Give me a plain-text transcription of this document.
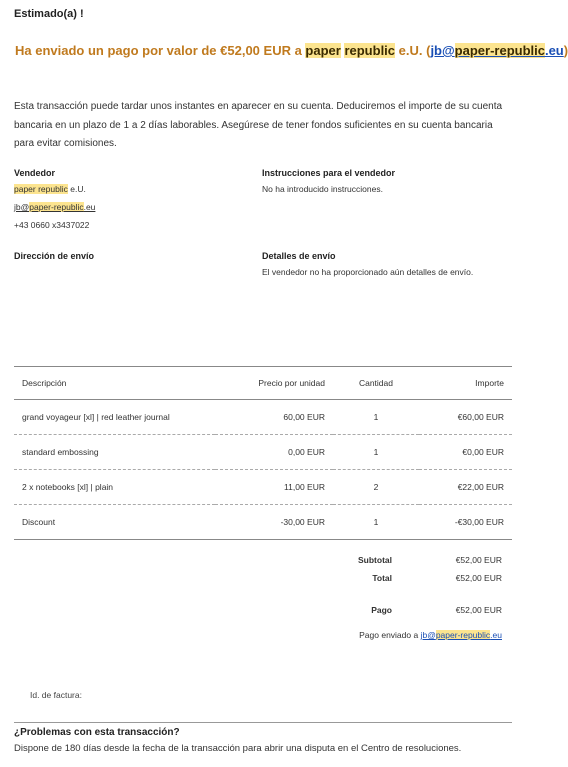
Estimado(a) !
Ha enviado un pago por valor de €52,00 EUR a paper republic e.U. (jb@paper-republic.eu)
Esta transacción puede tardar unos instantes en aparecer en su cuenta. Deduciremos el importe de su cuenta bancaria en un plazo de 1 a 2 días laborables. Asegúrese de tener fondos suficientes en su cuenta bancaria para evitar comisiones.
Vendedor
paper republic e.U.
jb@paper-republic.eu
+43 0660 x3437022
Instrucciones para el vendedor
No ha introducido instrucciones.
Dirección de envío	Detalles de envío
El vendedor no ha proporcionado aún detalles de envío.
Descripción	Precio por unidad	Cantidad	Importe
grand voyageur [xl] | red leather journal	60,00 EUR	1	€60,00 EUR
standard embossing	0,00 EUR	1	€0,00 EUR
2 x notebooks [xl] | plain	11,00 EUR	2	€22,00 EUR
Discount	-30,00 EUR	1	-€30,00 EUR
Subtotal	€52,00 EUR
Total	€52,00 EUR
Pago	€52,00 EUR
Pago enviado a jb@paper-republic.eu
Id. de factura:
¿Problemas con esta transacción?
Dispone de 180 días desde la fecha de la transacción para abrir una disputa en el Centro de resoluciones.
